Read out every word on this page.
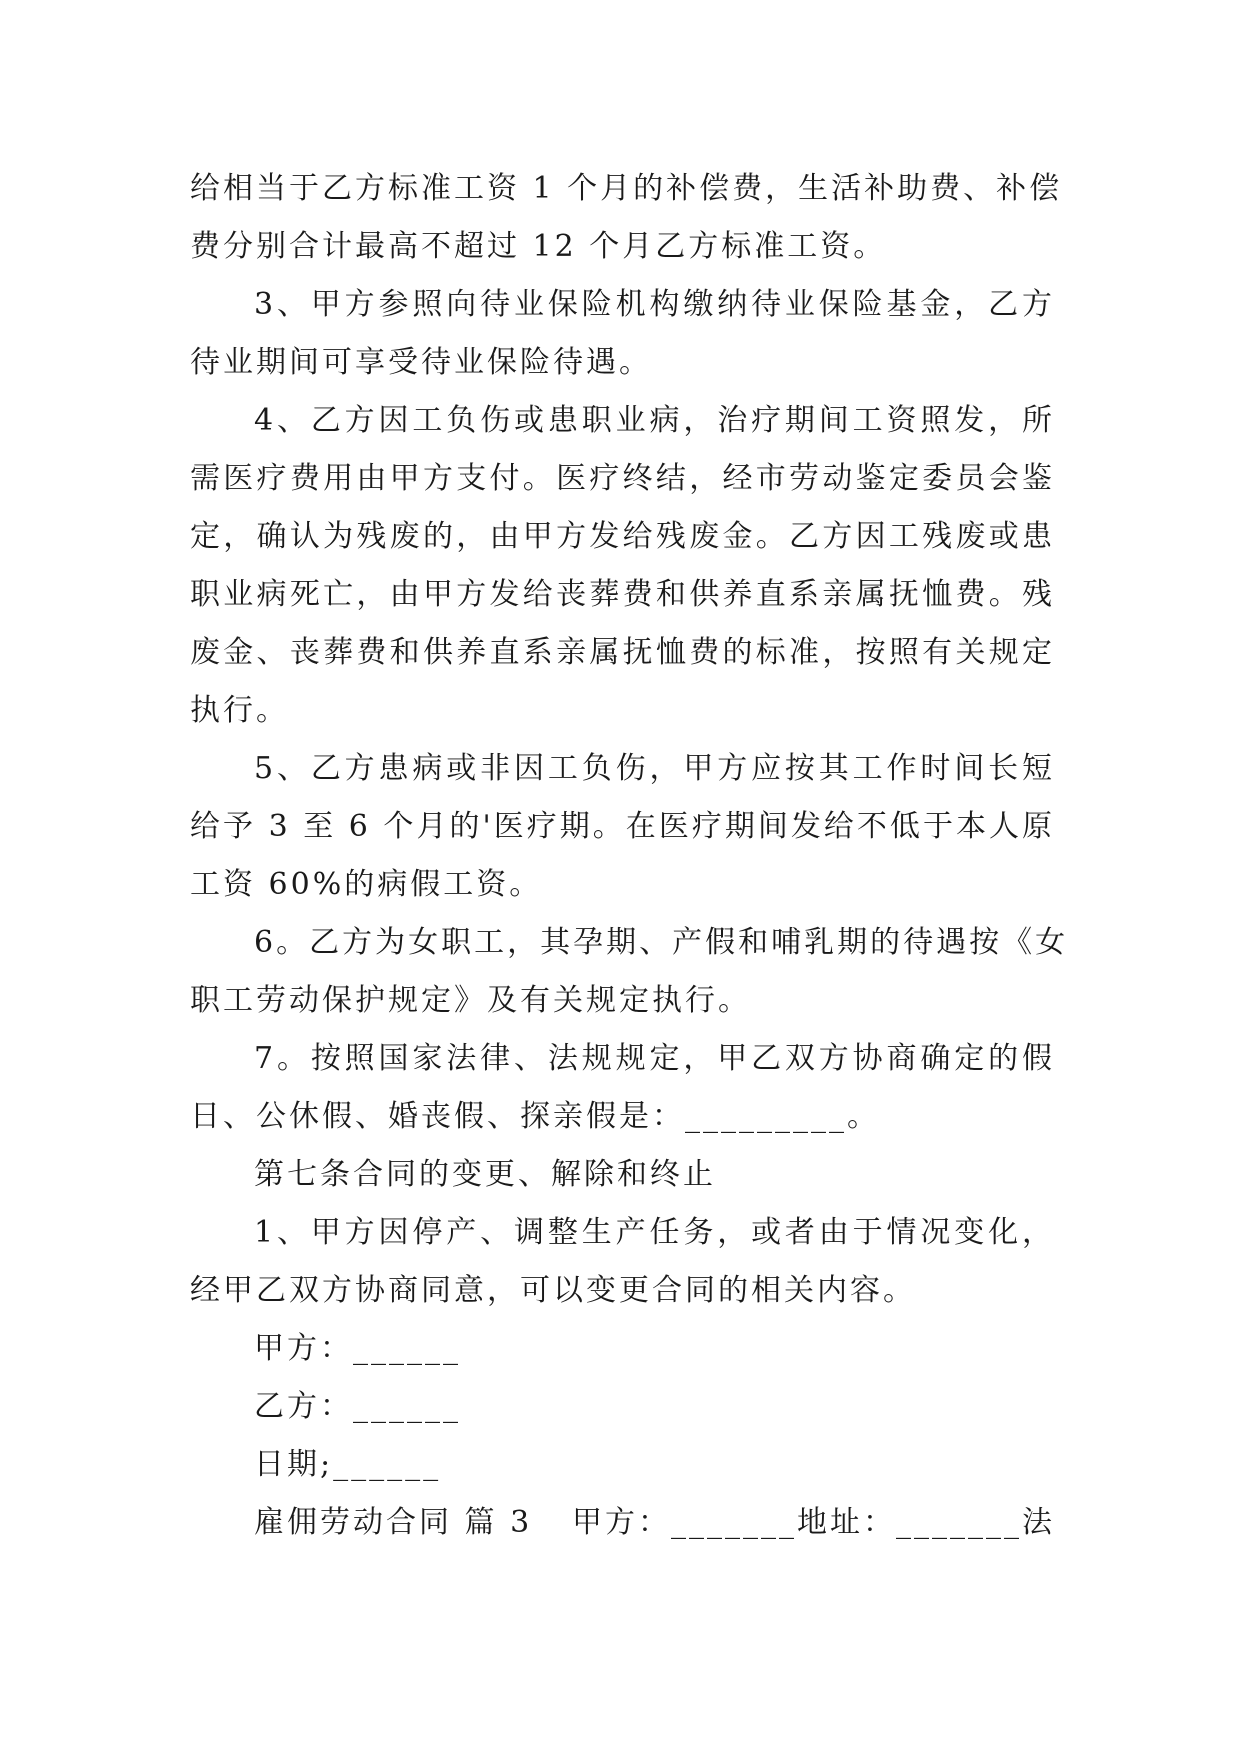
给相当于乙方标准工资 1 个月的补偿费，生活补助费、补偿
费分别合计最高不超过 12 个月乙方标准工资。

3、甲方参照向待业保险机构缴纳待业保险基金，乙方
待业期间可享受待业保险待遇。

4、乙方因工负伤或患职业病，治疗期间工资照发，所
需医疗费用由甲方支付。医疗终结，经市劳动鉴定委员会鉴
定，确认为残废的，由甲方发给残废金。乙方因工残废或患
职业病死亡，由甲方发给丧葬费和供养直系亲属抚恤费。残
废金、丧葬费和供养直系亲属抚恤费的标准，按照有关规定
执行。

5、乙方患病或非因工负伤，甲方应按其工作时间长短
给予 3 至 6 个月的'医疗期。在医疗期间发给不低于本人原
工资 60%的病假工资。

6。乙方为女职工，其孕期、产假和哺乳期的待遇按《女
职工劳动保护规定》及有关规定执行。

7。按照国家法律、法规规定，甲乙双方协商确定的假
日、公休假、婚丧假、探亲假是：_________。

第七条合同的变更、解除和终止

1、甲方因停产、调整生产任务，或者由于情况变化，
经甲乙双方协商同意，可以变更合同的相关内容。

甲方：______

乙方：______

日期;______

雇佣劳动合同 篇 3 甲方：_______地址：_______法
